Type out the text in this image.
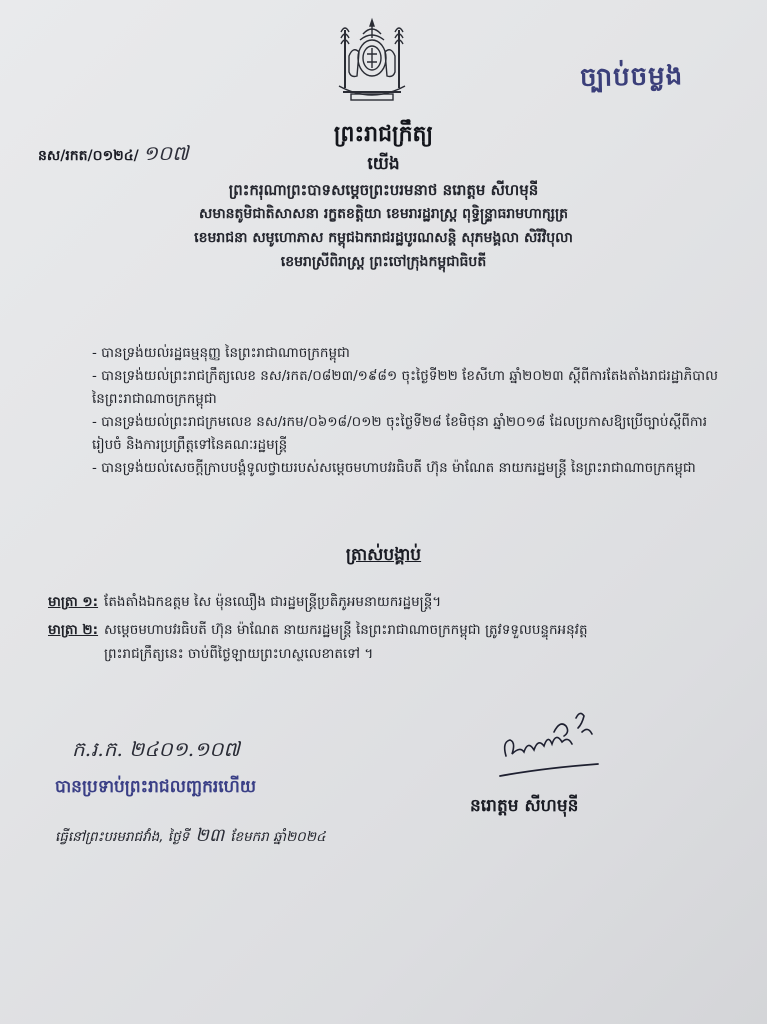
ច្បាប់ចម្លង
ព្រះរាជក្រឹត្យ
នស/រកត/០១២៤/ ១០៧	យើង
ព្រះករុណាព្រះបាទសម្តេចព្រះបរមនាថ នរោត្តម សីហមុនី
សមានតូមិជាតិសាសនា រក្ខតខត្តិយា ខេមរារដ្ឋរាស្ត្រ ពុទ្ធិន្ទ្រាធរាមហាក្សត្រ
ខេមរាជនា សមូហោភាស កម្ពុជឯករាជរដ្ឋបូរណសន្តិ សុភមង្គលា សិរីវិបុលា
ខេមរាស្រីពិរាស្ត្រ ព្រះចៅក្រុងកម្ពុជាធិបតី
- បានទ្រង់យល់រដ្ឋធម្មនុញ្ញ នៃព្រះរាជាណាចក្រកម្ពុជា
- បានទ្រង់យល់ព្រះរាជក្រឹត្យលេខ នស/រកត/០៨២៣/១៩៨១ ចុះថ្ងៃទី២២ ខែសីហា ឆ្នាំ២០២៣ ស្តីពីការតែងតាំងរាជរដ្ឋាភិបាល នៃព្រះរាជាណាចក្រកម្ពុជា
- បានទ្រង់យល់ព្រះរាជក្រមលេខ នស/រកម/០៦១៨/០១២ ចុះថ្ងៃទី២៨ ខែមិថុនា ឆ្នាំ២០១៨ ដែលប្រកាសឱ្យប្រើច្បាប់ស្តីពីការរៀបចំ និងការប្រព្រឹត្តទៅនៃគណៈរដ្ឋមន្ត្រី
- បានទ្រង់យល់សេចក្តីក្រាបបង្គំទូលថ្វាយរបស់សម្តេចមហាបវរធិបតី ហ៊ុន ម៉ាណែត នាយករដ្ឋមន្ត្រី នៃព្រះរាជាណាចក្រកម្ពុជា
ត្រាស់បង្គាប់
មាត្រា ១: តែងតាំងឯកឧត្តម សៃ ម៉ុនឈឿង ជារដ្ឋមន្ត្រីប្រតិភូអមនាយករដ្ឋមន្ត្រី។
មាត្រា ២: សម្តេចមហាបវរធិបតី ហ៊ុន ម៉ាណែត នាយករដ្ឋមន្ត្រី នៃព្រះរាជាណាចក្រកម្ពុជា ត្រូវទទួលបន្ទុកអនុវត្ត
ព្រះរាជក្រឹត្យនេះ ចាប់ពីថ្ងៃឡាយព្រះហស្ថលេខាតទៅ ។
ក.រ.ក. ២៤០១.១០៧
បានប្រទាប់ព្រះរាជលញ្ឆករហើយ
ធ្វើនៅព្រះបរមរាជវាំង, ថ្ងៃទី ២៣ ខែមករា ឆ្នាំ២០២៤
នរោត្តម សីហមុនី
